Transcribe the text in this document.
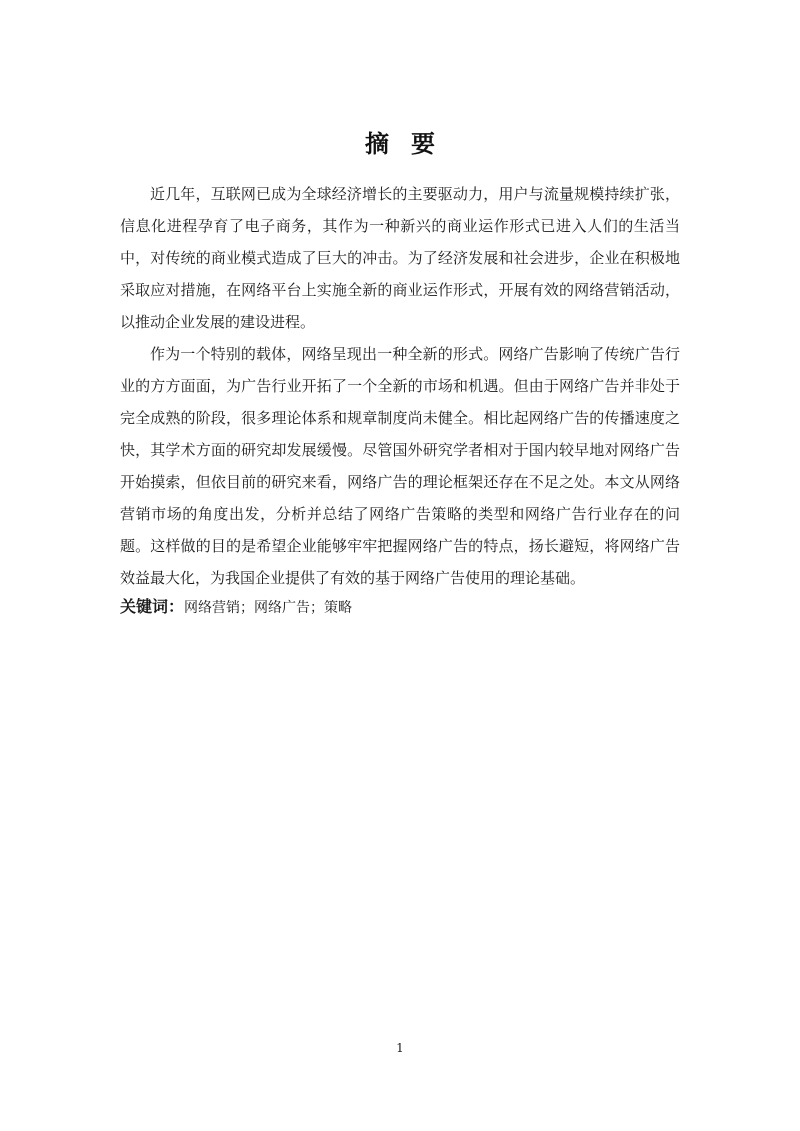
摘要

近几年，互联网已成为全球经济增长的主要驱动力，用户与流量规模持续扩张，信息化进程孕育了电子商务，其作为一种新兴的商业运作形式已进入人们的生活当中，对传统的商业模式造成了巨大的冲击。为了经济发展和社会进步，企业在积极地采取应对措施，在网络平台上实施全新的商业运作形式，开展有效的网络营销活动，以推动企业发展的建设进程。

作为一个特别的载体，网络呈现出一种全新的形式。网络广告影响了传统广告行业的方方面面，为广告行业开拓了一个全新的市场和机遇。但由于网络广告并非处于完全成熟的阶段，很多理论体系和规章制度尚未健全。相比起网络广告的传播速度之快，其学术方面的研究却发展缓慢。尽管国外研究学者相对于国内较早地对网络广告开始摸索，但依目前的研究来看，网络广告的理论框架还存在不足之处。本文从网络营销市场的角度出发，分析并总结了网络广告策略的类型和网络广告行业存在的问题。这样做的目的是希望企业能够牢牢把握网络广告的特点，扬长避短，将网络广告效益最大化，为我国企业提供了有效的基于网络广告使用的理论基础。

关键词：网络营销；网络广告；策略
1
